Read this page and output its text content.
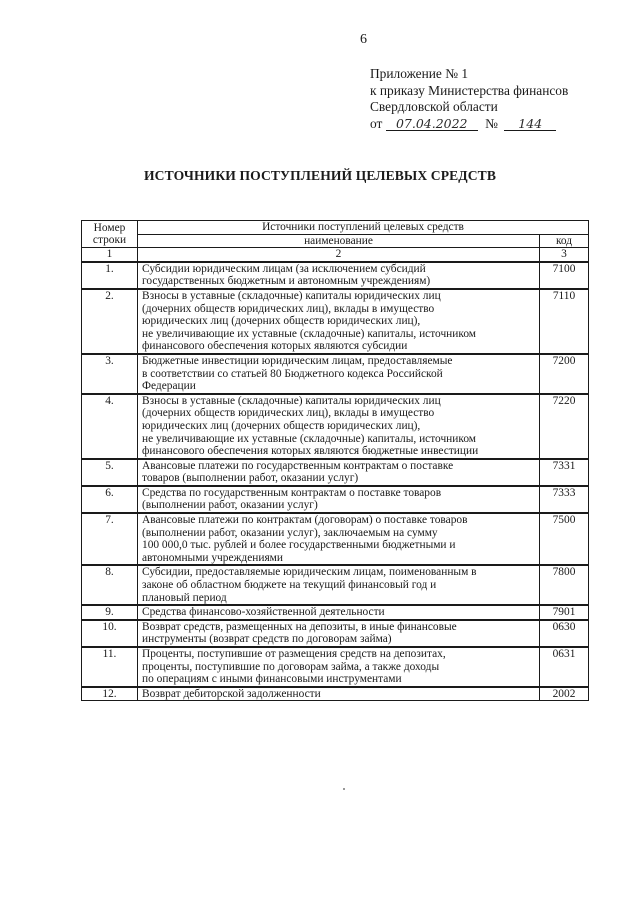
6
Приложение № 1
к приказу Министерства финансов
Свердловской области
от 07.04.2022 № 144
ИСТОЧНИКИ ПОСТУПЛЕНИЙ ЦЕЛЕВЫХ СРЕДСТВ
Номер строки	Источники поступлений целевых средств	
	наименование	код
1	2	3
1.	Субсидии юридическим лицам (за исключением субсидий
государственных бюджетным и автономным учреждениям)	7100
2.	Взносы в уставные (складочные) капиталы юридических лиц
(дочерних обществ юридических лиц), вклады в имущество
юридических лиц (дочерних обществ юридических лиц),
не увеличивающие их уставные (складочные) капиталы, источником
финансового обеспечения которых являются субсидии	7110
3.	Бюджетные инвестиции юридическим лицам, предоставляемые
в соответствии со статьей 80 Бюджетного кодекса Российской
Федерации	7200
4.	Взносы в уставные (складочные) капиталы юридических лиц
(дочерних обществ юридических лиц), вклады в имущество
юридических лиц (дочерних обществ юридических лиц),
не увеличивающие их уставные (складочные) капиталы, источником
финансового обеспечения которых являются бюджетные инвестиции	7220
5.	Авансовые платежи по государственным контрактам о поставке
товаров (выполнении работ, оказании услуг)	7331
6.	Средства по государственным контрактам о поставке товаров
(выполнении работ, оказании услуг)	7333
7.	Авансовые платежи по контрактам (договорам) о поставке товаров
(выполнении работ, оказании услуг), заключаемым на сумму
100 000,0 тыс. рублей и более государственными бюджетными и
автономными учреждениями	7500
8.	Субсидии, предоставляемые юридическим лицам, поименованным в
законе об областном бюджете на текущий финансовый год и
плановый период	7800
9.	Средства финансово-хозяйственной деятельности	7901
10.	Возврат средств, размещенных на депозиты, в иные финансовые
инструменты (возврат средств по договорам займа)	0630
11.	Проценты, поступившие от размещения средств на депозитах,
проценты, поступившие по договорам займа, а также доходы
по операциям с иными финансовыми инструментами	0631
12.	Возврат дебиторской задолженности	2002
